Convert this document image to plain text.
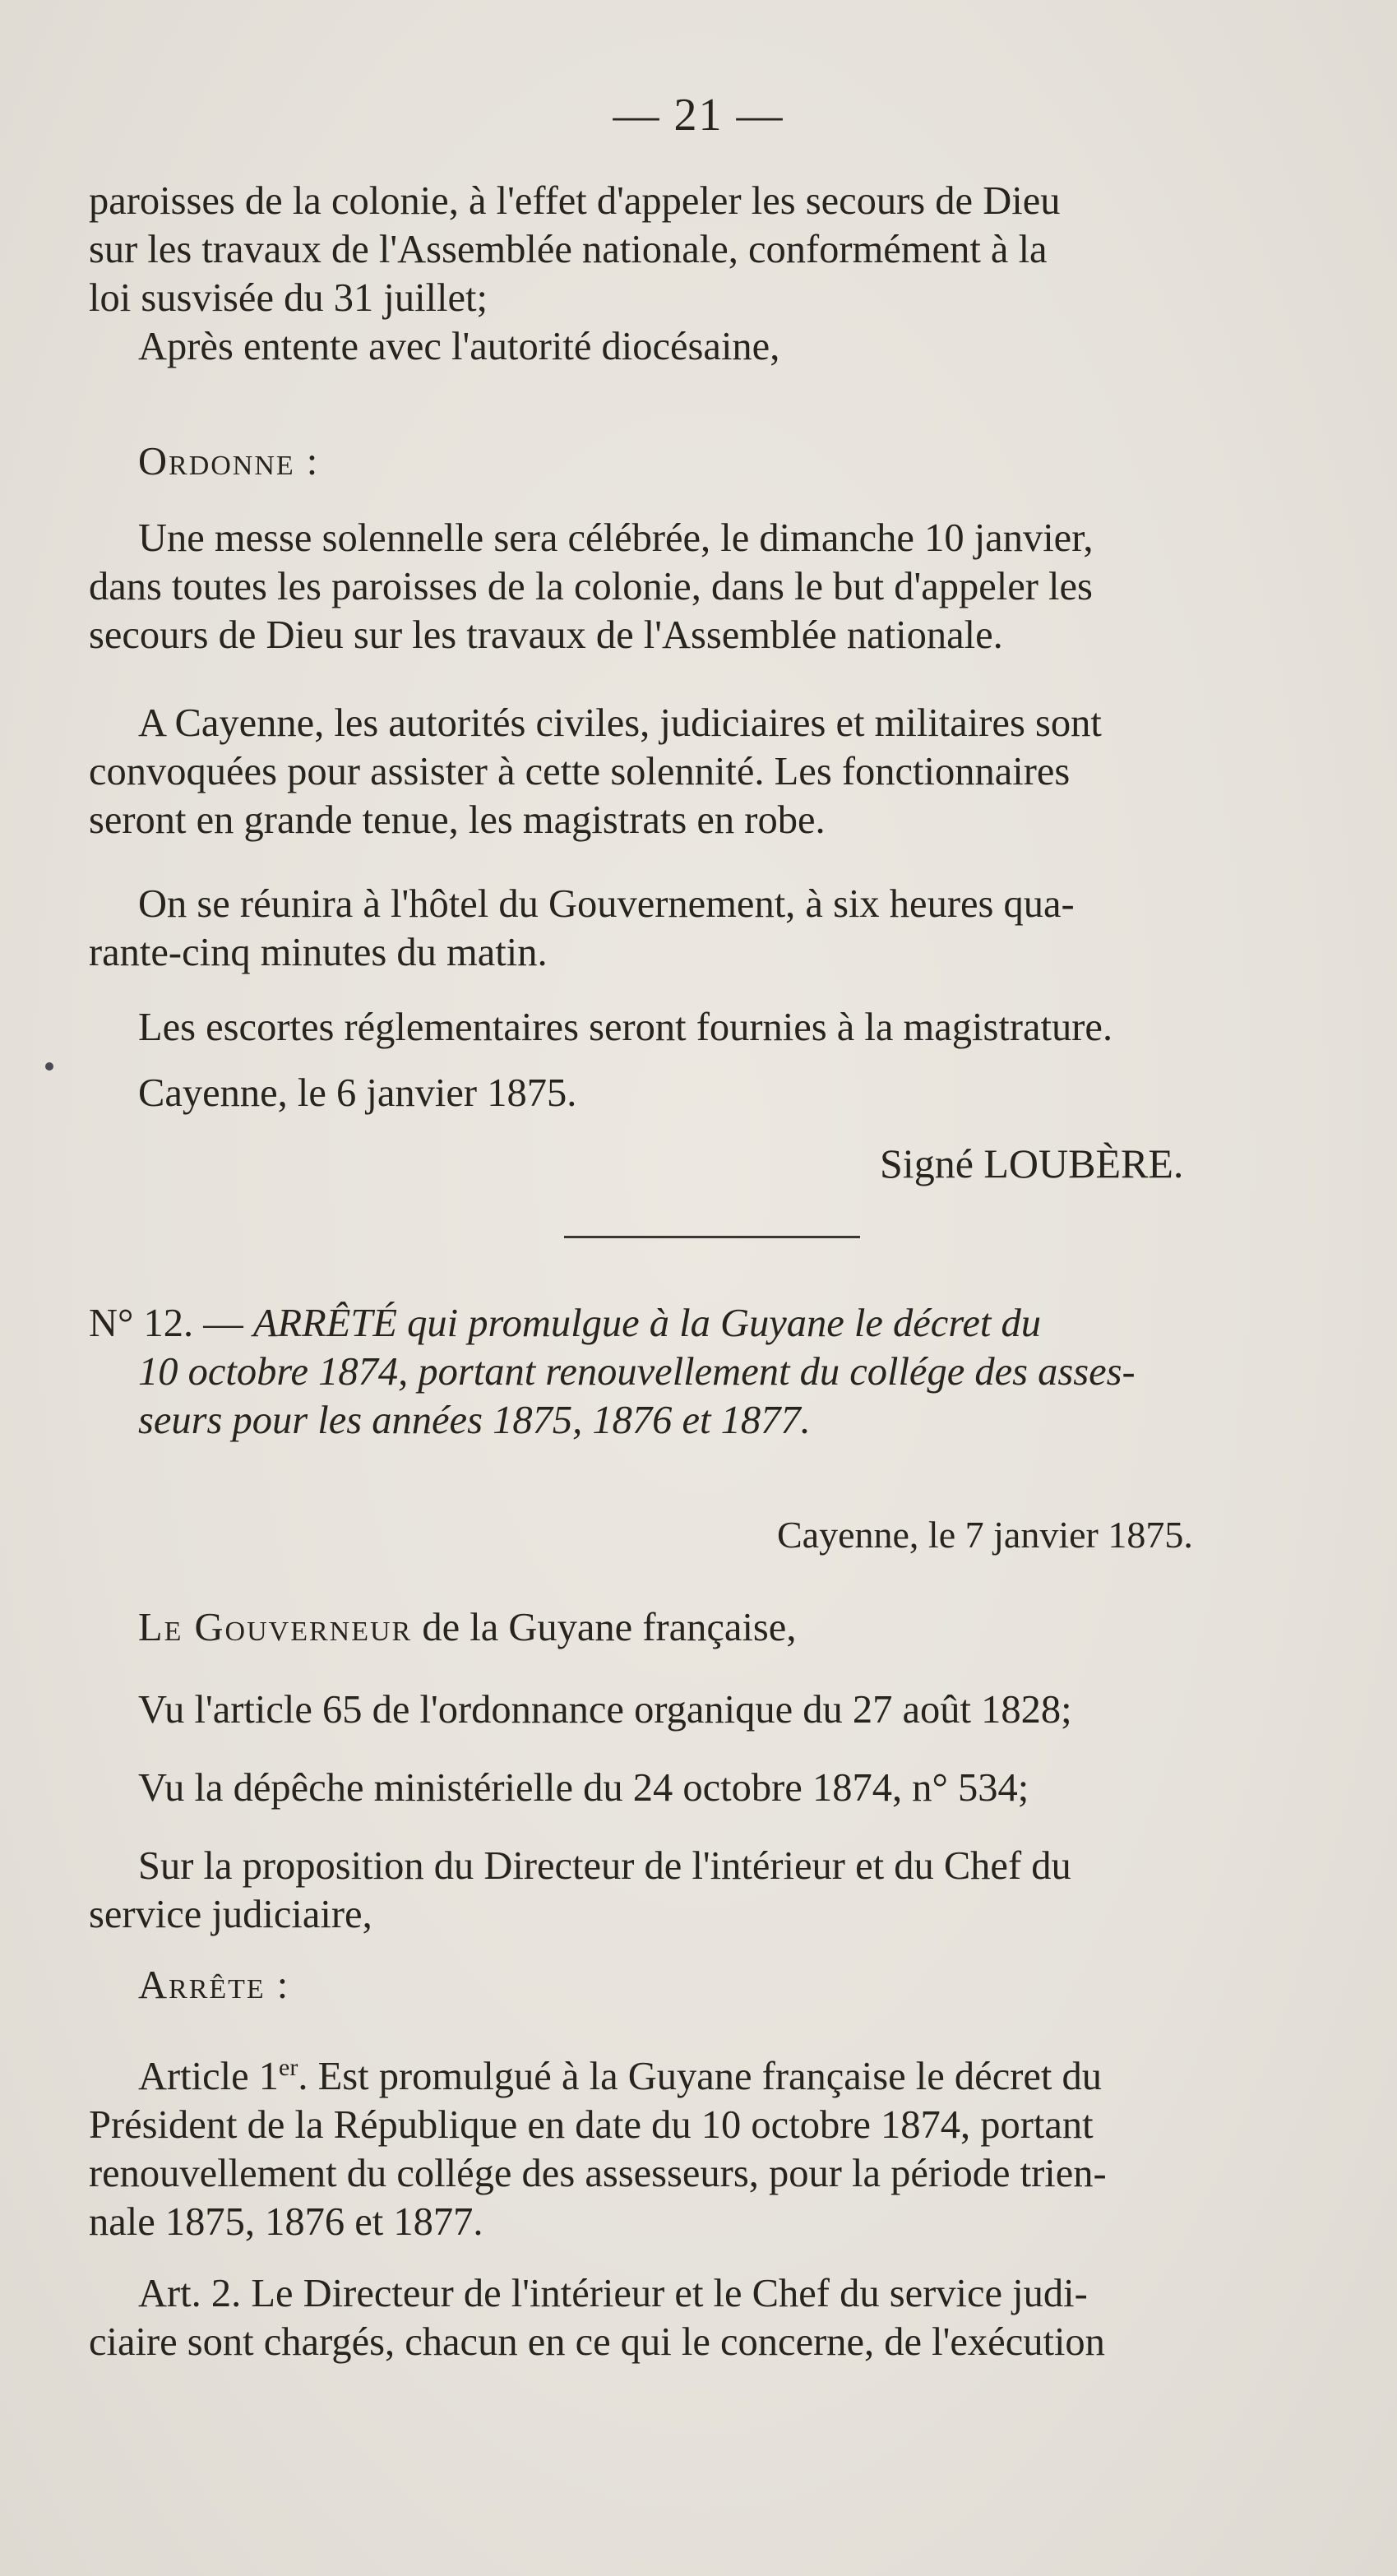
— 21 —

paroisses de la colonie, à l'effet d'appeler les secours de Dieu
sur les travaux de l'Assemblée nationale, conformément à la
loi susvisée du 31 juillet;

Après entente avec l'autorité diocésaine,

Ordonne :

Une messe solennelle sera célébrée, le dimanche 10 janvier,
dans toutes les paroisses de la colonie, dans le but d'appeler les
secours de Dieu sur les travaux de l'Assemblée nationale.

A Cayenne, les autorités civiles, judiciaires et militaires sont
convoquées pour assister à cette solennité. Les fonctionnaires
seront en grande tenue, les magistrats en robe.

On se réunira à l'hôtel du Gouvernement, à six heures qua-
rante-cinq minutes du matin.

Les escortes réglementaires seront fournies à la magistrature.

Cayenne, le 6 janvier 1875.

Signé LOUBÈRE.

N° 12. — ARRÊTÉ qui promulgue à la Guyane le décret du
10 octobre 1874, portant renouvellement du collége des asses-
seurs pour les années 1875, 1876 et 1877.

Cayenne, le 7 janvier 1875.

Le Gouverneur de la Guyane française,

Vu l'article 65 de l'ordonnance organique du 27 août 1828;

Vu la dépêche ministérielle du 24 octobre 1874, n° 534;

Sur la proposition du Directeur de l'intérieur et du Chef du
service judiciaire,

Arrête :

Article 1er. Est promulgué à la Guyane française le décret du
Président de la République en date du 10 octobre 1874, portant
renouvellement du collége des assesseurs, pour la période trien-
nale 1875, 1876 et 1877.

Art. 2. Le Directeur de l'intérieur et le Chef du service judi-
ciaire sont chargés, chacun en ce qui le concerne, de l'exécution
